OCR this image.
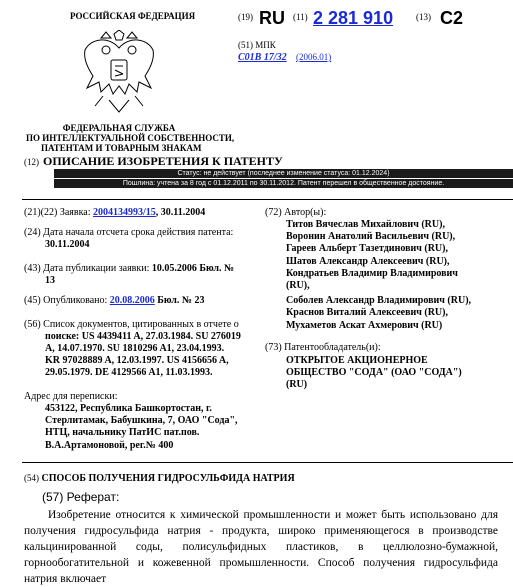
РОССИЙСКАЯ ФЕДЕРАЦИЯ	(19) RU (11) 2 281 910	(13) C2
(51) МПК
C01B 17/32 (2006.01)
ФЕДЕРАЛЬНАЯ СЛУЖБА
ПО ИНТЕЛЛЕКТУАЛЬНОЙ СОБСТВЕННОСТИ,
ПАТЕНТАМ И ТОВАРНЫМ ЗНАКАМ
(12) ОПИСАНИЕ ИЗОБРЕТЕНИЯ К ПАТЕНТУ
Статус: не действует (последнее изменение статуса: 01.12.2024)
Пошлина: учтена за 8 год с 01.12.2011 по 30.11.2012. Патент перешел в общественное достояние.
(21)(22) Заявка: 2004134993/15, 30.11.2004
(24) Дата начала отсчета срока действия патента:
30.11.2004
(43) Дата публикации заявки: 10.05.2006 Бюл. №
13
(45) Опубликовано: 20.08.2006 Бюл. № 23
(56) Список документов, цитированных в отчете о
поиске: US 4439411 A, 27.03.1984. SU 276019
A, 14.07.1970. SU 1810296 A1, 23.04.1993.
KR 97028889 A, 12.03.1997. US 4156656 A,
29.05.1979. DE 4129566 A1, 11.03.1993.
Адрес для переписки:
453122, Республика Башкортостан, г.
Стерлитамак, Бабушкина, 7, ОАО "Сода",
НТЦ, начальнику ПатИС пат.пов.
В.А.Артамоновой, рег.№ 400
(72) Автор(ы):
Титов Вячеслав Михайлович (RU),
Воронин Анатолий Васильевич (RU),
Гареев Альберт Тазетдинович (RU),
Шатов Александр Алексеевич (RU),
Кондратьев Владимир Владимирович
(RU),
Соболев Александр Владимирович (RU),
Краснов Виталий Алексеевич (RU),
Мухаметов Аскат Ахмерович (RU)
(73) Патентообладатель(и):
ОТКРЫТОЕ АКЦИОНЕРНОЕ
ОБЩЕСТВО "СОДА" (ОАО "СОДА")
(RU)
(54) СПОСОБ ПОЛУЧЕНИЯ ГИДРОСУЛЬФИДА НАТРИЯ
(57) Реферат:
Изобретение относится к химической промышленности и может быть использовано для получения гидросульфида натрия - продукта, широко применяющегося в производстве кальцинированной соды, полисульфидных пластиков, в целлюлозно-бумажной, горнообогатительной и кожевенной промышленности. Способ получения гидросульфида натрия включает
